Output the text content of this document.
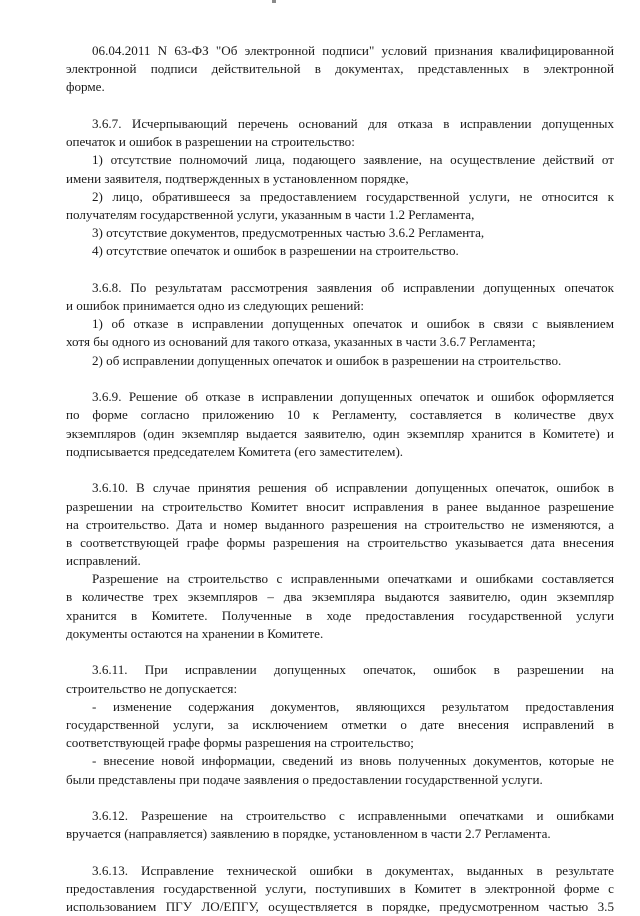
06.04.2011 N 63-ФЗ "Об электронной подписи" условий признания квалифицированной
электронной подписи действительной в документах, представленных в электронной
форме.
3.6.7. Исчерпывающий перечень оснований для отказа в исправлении допущенных
опечаток и ошибок в разрешении на строительство:
1) отсутствие полномочий лица, подающего заявление, на осуществление действий от
имени заявителя, подтвержденных в установленном порядке,
2) лицо, обратившееся за предоставлением государственной услуги, не относится к
получателям государственной услуги, указанным в части 1.2 Регламента,
3) отсутствие документов, предусмотренных частью 3.6.2 Регламента,
4) отсутствие опечаток и ошибок в разрешении на строительство.
3.6.8. По результатам рассмотрения заявления об исправлении допущенных опечаток
и ошибок принимается одно из следующих решений:
1) об отказе в исправлении допущенных опечаток и ошибок в связи с выявлением
хотя бы одного из оснований для такого отказа, указанных в части 3.6.7 Регламента;
2) об исправлении допущенных опечаток и ошибок в разрешении на строительство.
3.6.9. Решение об отказе в исправлении допущенных опечаток и ошибок оформляется
по форме согласно приложению 10 к Регламенту, составляется в количестве двух
экземпляров (один экземпляр выдается заявителю, один экземпляр хранится в Комитете) и
подписывается председателем Комитета (его заместителем).
3.6.10. В случае принятия решения об исправлении допущенных опечаток, ошибок в
разрешении на строительство Комитет вносит исправления в ранее выданное разрешение
на строительство. Дата и номер выданного разрешения на строительство не изменяются, а
в соответствующей графе формы разрешения на строительство указывается дата внесения
исправлений.
Разрешение на строительство с исправленными опечатками и ошибками составляется
в количестве трех экземпляров – два экземпляра выдаются заявителю, один экземпляр
хранится в Комитете. Полученные в ходе предоставления государственной услуги
документы остаются на хранении в Комитете.
3.6.11. При исправлении допущенных опечаток, ошибок в разрешении на
строительство не допускается:
- изменение содержания документов, являющихся результатом предоставления
государственной услуги, за исключением отметки о дате внесения исправлений в
соответствующей графе формы разрешения на строительство;
- внесение новой информации, сведений из вновь полученных документов, которые не
были представлены при подаче заявления о предоставлении государственной услуги.
3.6.12. Разрешение на строительство с исправленными опечатками и ошибками
вручается (направляется) заявлению в порядке, установленном в части 2.7 Регламента.
3.6.13. Исправление технической ошибки в документах, выданных в результате
предоставления государственной услуги, поступивших в Комитет в электронной форме с
использованием ПГУ ЛО/ЕПГУ, осуществляется в порядке, предусмотренном частью 3.5
